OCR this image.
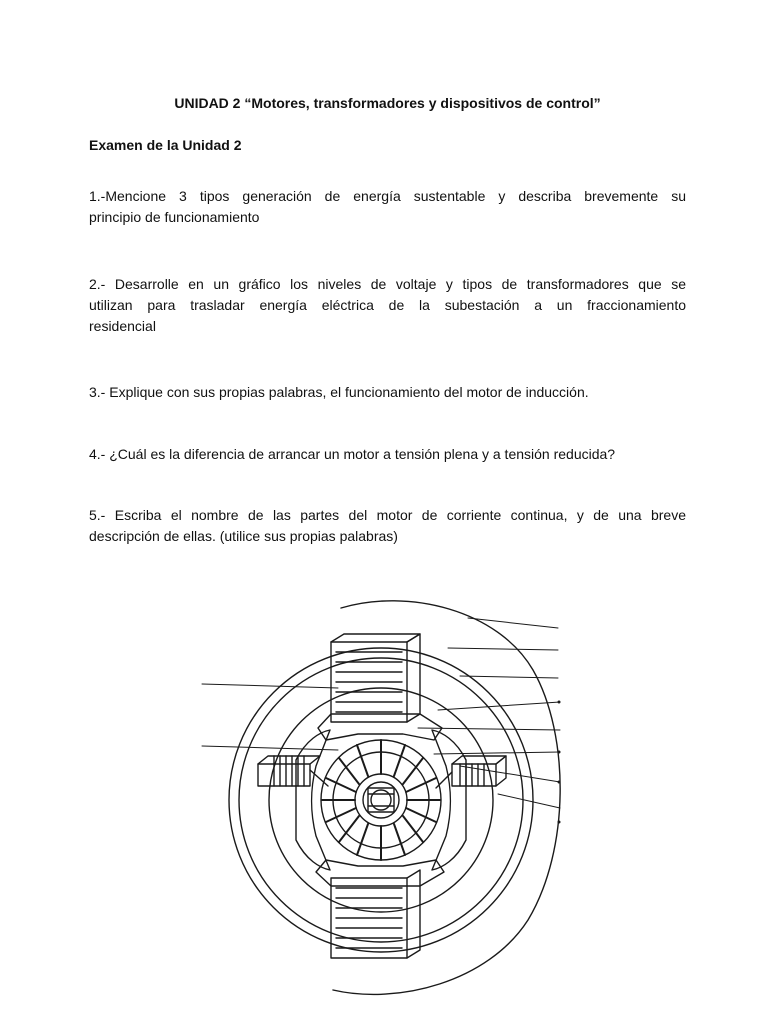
UNIDAD 2 “Motores, transformadores y dispositivos de control”
Examen de la Unidad 2
1.-Mencione 3 tipos generación de energía sustentable y describa brevemente su
principio de funcionamiento
2.- Desarrolle en un gráfico los niveles de voltaje y tipos de transformadores que se
utilizan para trasladar energía eléctrica de la subestación a un fraccionamiento
residencial
3.- Explique con sus propias palabras, el funcionamiento del motor de inducción.
4.- ¿Cuál es la diferencia de arrancar un motor a tensión plena y a tensión reducida?
5.- Escriba el nombre de las partes del motor de corriente continua, y de una breve
descripción de ellas. (utilice sus propias palabras)
